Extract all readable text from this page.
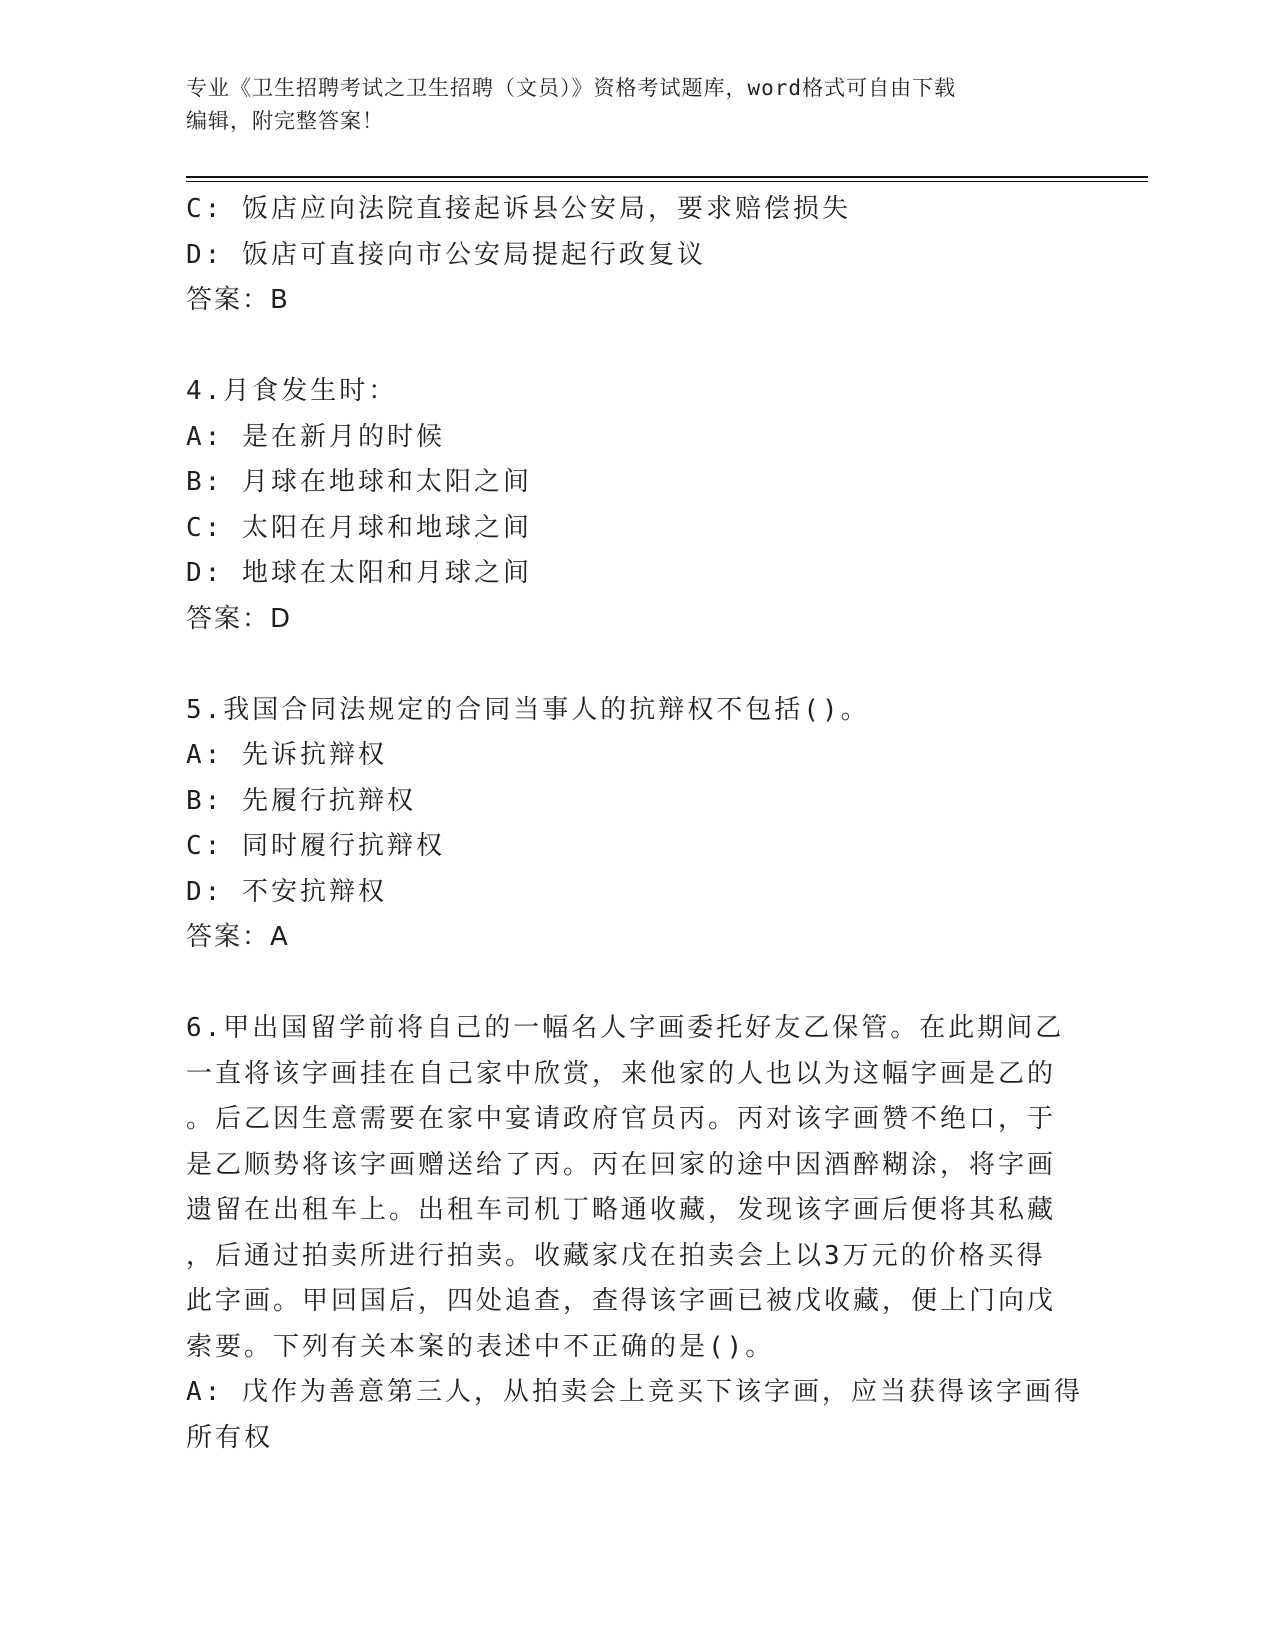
专业《卫生招聘考试之卫生招聘（文员）》资格考试题库，word格式可自由下载
编辑，附完整答案！
C: 饭店应向法院直接起诉县公安局，要求赔偿损失
D: 饭店可直接向市公安局提起行政复议
答案：B
4.月食发生时：
A: 是在新月的时候
B: 月球在地球和太阳之间
C: 太阳在月球和地球之间
D: 地球在太阳和月球之间
答案：D
5.我国合同法规定的合同当事人的抗辩权不包括()。
A: 先诉抗辩权
B: 先履行抗辩权
C: 同时履行抗辩权
D: 不安抗辩权
答案：A
6.甲出国留学前将自己的一幅名人字画委托好友乙保管。在此期间乙
一直将该字画挂在自己家中欣赏，来他家的人也以为这幅字画是乙的
。后乙因生意需要在家中宴请政府官员丙。丙对该字画赞不绝口，于
是乙顺势将该字画赠送给了丙。丙在回家的途中因酒醉糊涂，将字画
遗留在出租车上。出租车司机丁略通收藏，发现该字画后便将其私藏
，后通过拍卖所进行拍卖。收藏家戊在拍卖会上以3万元的价格买得
此字画。甲回国后，四处追查，查得该字画已被戊收藏，便上门向戊
索要。下列有关本案的表述中不正确的是()。
A: 戊作为善意第三人，从拍卖会上竞买下该字画，应当获得该字画得
所有权
